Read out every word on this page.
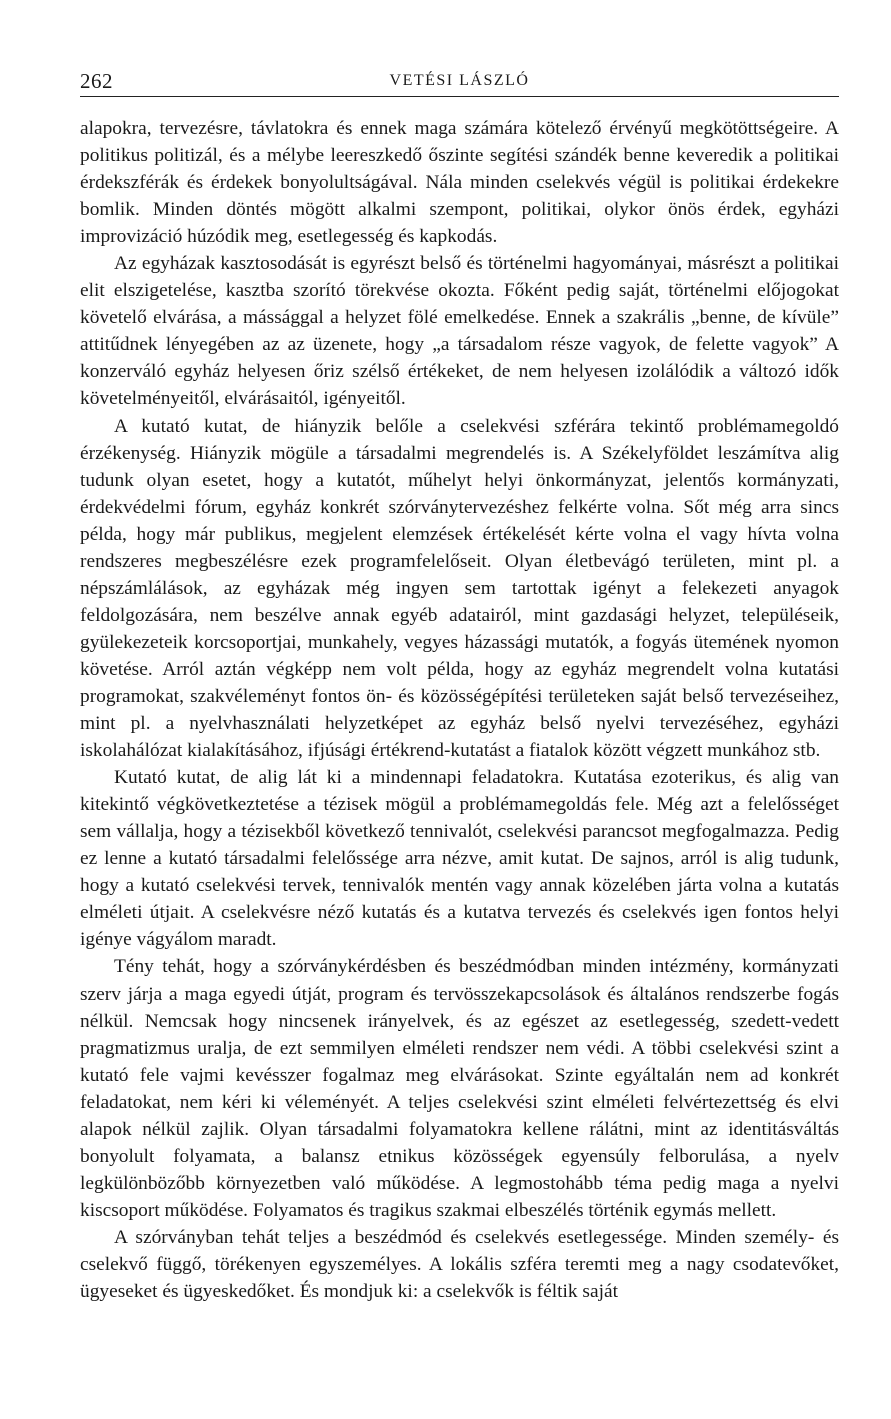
262	VETÉSI LÁSZLÓ

alapokra, tervezésre, távlatokra és ennek maga számára kötelező érvényű megkötöttségeire. A politikus politizál, és a mélybe leereszkedő őszinte segítési szándék benne keveredik a politikai érdekszférák és érdekek bonyolultságával. Nála minden cselekvés végül is politikai érdekekre bomlik. Minden döntés mögött alkalmi szempont, politikai, olykor önös érdek, egyházi improvizáció húzódik meg, esetlegesség és kapkodás.

Az egyházak kasztosodását is egyrészt belső és történelmi hagyományai, másrészt a politikai elit elszigetelése, kasztba szorító törekvése okozta. Főként pedig saját, történelmi előjogokat követelő elvárása, a mássággal a helyzet fölé emelkedése. Ennek a szakrális „benne, de kívüle” attitűdnek lényegében az az üzenete, hogy „a társadalom része vagyok, de felette vagyok” A konzerváló egyház helyesen őriz szélső értékeket, de nem helyesen izolálódik a változó idők követelményeitől, elvárásaitól, igényeitől.

A kutató kutat, de hiányzik belőle a cselekvési szférára tekintő problémamegoldó érzékenység. Hiányzik mögüle a társadalmi megrendelés is. A Székelyföldet leszámítva alig tudunk olyan esetet, hogy a kutatót, műhelyt helyi önkormányzat, jelentős kormányzati, érdekvédelmi fórum, egyház konkrét szórványtervezéshez felkérte volna. Sőt még arra sincs példa, hogy már publikus, megjelent elemzések értékelését kérte volna el vagy hívta volna rendszeres megbeszélésre ezek programfelelőseit. Olyan életbevágó területen, mint pl. a népszámlálások, az egyházak még ingyen sem tartottak igényt a felekezeti anyagok feldolgozására, nem beszélve annak egyéb adatairól, mint gazdasági helyzet, településeik, gyülekezeteik korcsoportjai, munkahely, vegyes házassági mutatók, a fogyás ütemének nyomon követése. Arról aztán végképp nem volt példa, hogy az egyház megrendelt volna kutatási programokat, szakvéleményt fontos ön- és közösségépítési területeken saját belső tervezéseihez, mint pl. a nyelvhasználati helyzetképet az egyház belső nyelvi tervezéséhez, egyházi iskolahálózat kialakításához, ifjúsági értékrend-kutatást a fiatalok között végzett munkához stb.

Kutató kutat, de alig lát ki a mindennapi feladatokra. Kutatása ezoterikus, és alig van kitekintő végkövetkeztetése a tézisek mögül a problémamegoldás fele. Még azt a felelősséget sem vállalja, hogy a tézisekből következő tennivalót, cselekvési parancsot megfogalmazza. Pedig ez lenne a kutató társadalmi felelőssége arra nézve, amit kutat. De sajnos, arról is alig tudunk, hogy a kutató cselekvési tervek, tennivalók mentén vagy annak közelében járta volna a kutatás elméleti útjait. A cselekvésre néző kutatás és a kutatva tervezés és cselekvés igen fontos helyi igénye vágyálom maradt.

Tény tehát, hogy a szórványkérdésben és beszédmódban minden intézmény, kormányzati szerv járja a maga egyedi útját, program és tervösszekapcsolások és általános rendszerbe fogás nélkül. Nemcsak hogy nincsenek irányelvek, és az egészet az esetlegesség, szedett-vedett pragmatizmus uralja, de ezt semmilyen elméleti rendszer nem védi. A többi cselekvési szint a kutató fele vajmi kevésszer fogalmaz meg elvárásokat. Szinte egyáltalán nem ad konkrét feladatokat, nem kéri ki véleményét. A teljes cselekvési szint elméleti felvértezettség és elvi alapok nélkül zajlik. Olyan társadalmi folyamatokra kellene rálátni, mint az identitásváltás bonyolult folyamata, a balansz etnikus közösségek egyensúly felborulása, a nyelv legkülönbözőbb környezetben való működése. A legmostohább téma pedig maga a nyelvi kiscsoport működése. Folyamatos és tragikus szakmai elbeszélés történik egymás mellett.

A szórványban tehát teljes a beszédmód és cselekvés esetlegessége. Minden személy- és cselekvő függő, törékenyen egyszemélyes. A lokális szféra teremti meg a nagy csodatevőket, ügyeseket és ügyeskedőket. És mondjuk ki: a cselekvők is féltik saját
